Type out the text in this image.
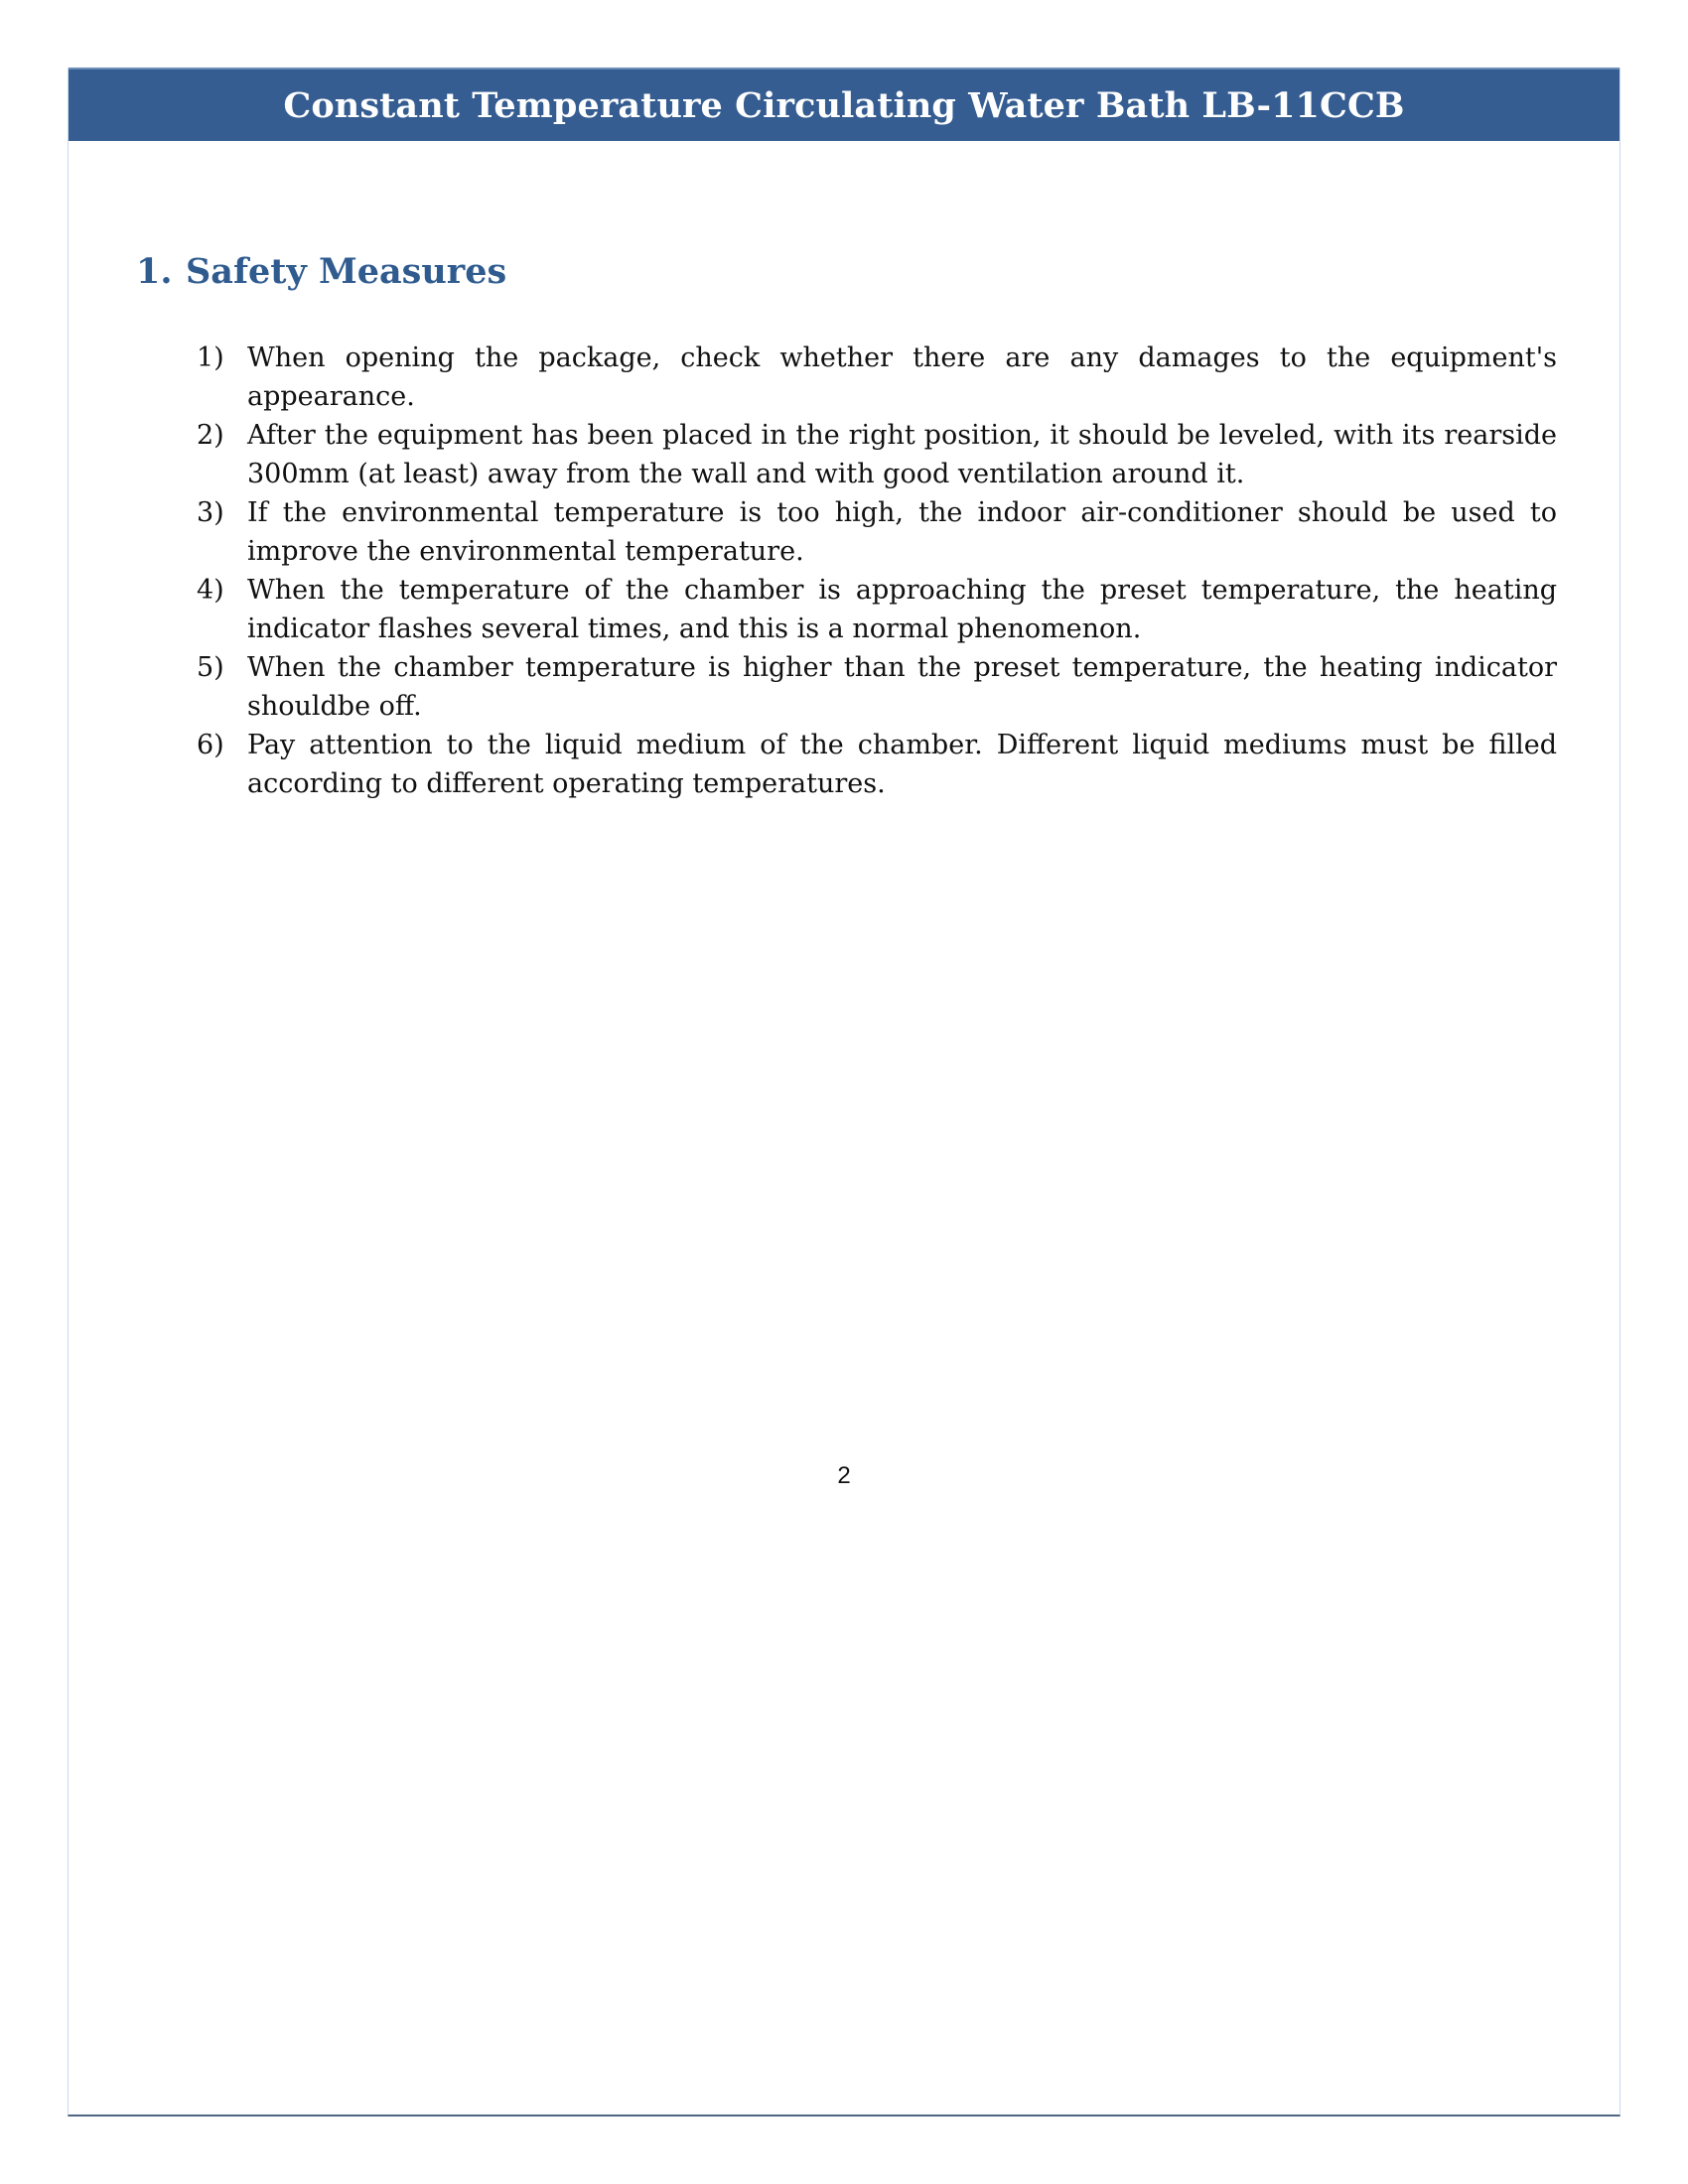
Constant Temperature Circulating Water Bath LB-11CCB
1. Safety Measures
1) When opening the package, check whether there are any damages to the equipment's appearance.
2) After the equipment has been placed in the right position, it should be leveled, with its rearside 300mm (at least) away from the wall and with good ventilation around it.
3) If the environmental temperature is too high, the indoor air-conditioner should be used to improve the environmental temperature.
4) When the temperature of the chamber is approaching the preset temperature, the heating indicator flashes several times, and this is a normal phenomenon.
5) When the chamber temperature is higher than the preset temperature, the heating indicator shouldbe off.
6) Pay attention to the liquid medium of the chamber. Different liquid mediums must be filled according to different operating temperatures.
2
